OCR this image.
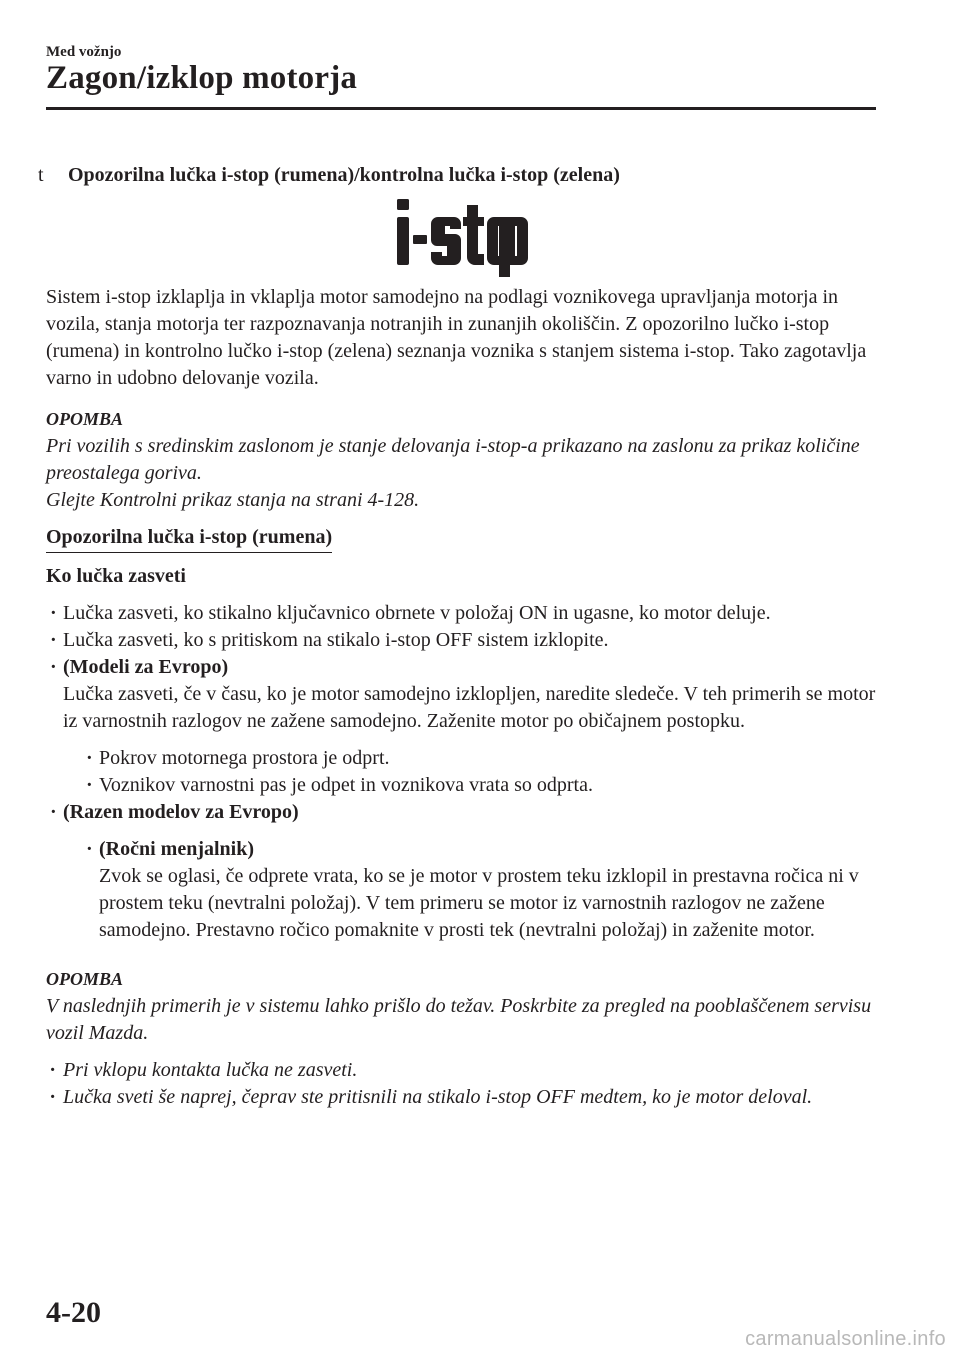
Med vožnjo
Zagon/izklop motorja
t Opozorilna lučka i-stop (rumena)/kontrolna lučka i-stop (zelena)

Sistem i-stop izklaplja in vklaplja motor samodejno na podlagi voznikovega upravljanja motorja in vozila, stanja motorja ter razpoznavanja notranjih in zunanjih okoliščin. Z opozorilno lučko i-stop (rumena) in kontrolno lučko i-stop (zelena) seznanja voznika s stanjem sistema i-stop. Tako zagotavlja varno in udobno delovanje vozila.

OPOMBA

Pri vozilih s sredinskim zaslonom je stanje delovanja i-stop-a prikazano na zaslonu za prikaz količine preostalega goriva.

Glejte Kontrolni prikaz stanja na strani 4-128.

Opozorilna lučka i-stop (rumena)

Ko lučka zasveti

· Lučka zasveti, ko stikalno ključavnico obrnete v položaj ON in ugasne, ko motor deluje.
· Lučka zasveti, ko s pritiskom na stikalo i-stop OFF sistem izklopite.
· (Modeli za Evropo)
Lučka zasveti, če v času, ko je motor samodejno izklopljen, naredite sledeče. V teh primerih se motor iz varnostnih razlogov ne zažene samodejno. Zaženite motor po običajnem postopku.
· Pokrov motornega prostora je odprt.
· Voznikov varnostni pas je odpet in voznikova vrata so odprta.
· (Razen modelov za Evropo)
· (Ročni menjalnik)
Zvok se oglasi, če odprete vrata, ko se je motor v prostem teku izklopil in prestavna ročica ni v prostem teku (nevtralni položaj). V tem primeru se motor iz varnostnih razlogov ne zažene samodejno. Prestavno ročico pomaknite v prosti tek (nevtralni položaj) in zaženite motor.

OPOMBA

V naslednjih primerih je v sistemu lahko prišlo do težav. Poskrbite za pregled na pooblaščenem servisu vozil Mazda.

· Pri vklopu kontakta lučka ne zasveti.
· Lučka sveti še naprej, čeprav ste pritisnili na stikalo i-stop OFF medtem, ko je motor deloval.
4-20
carmanualsonline.info
